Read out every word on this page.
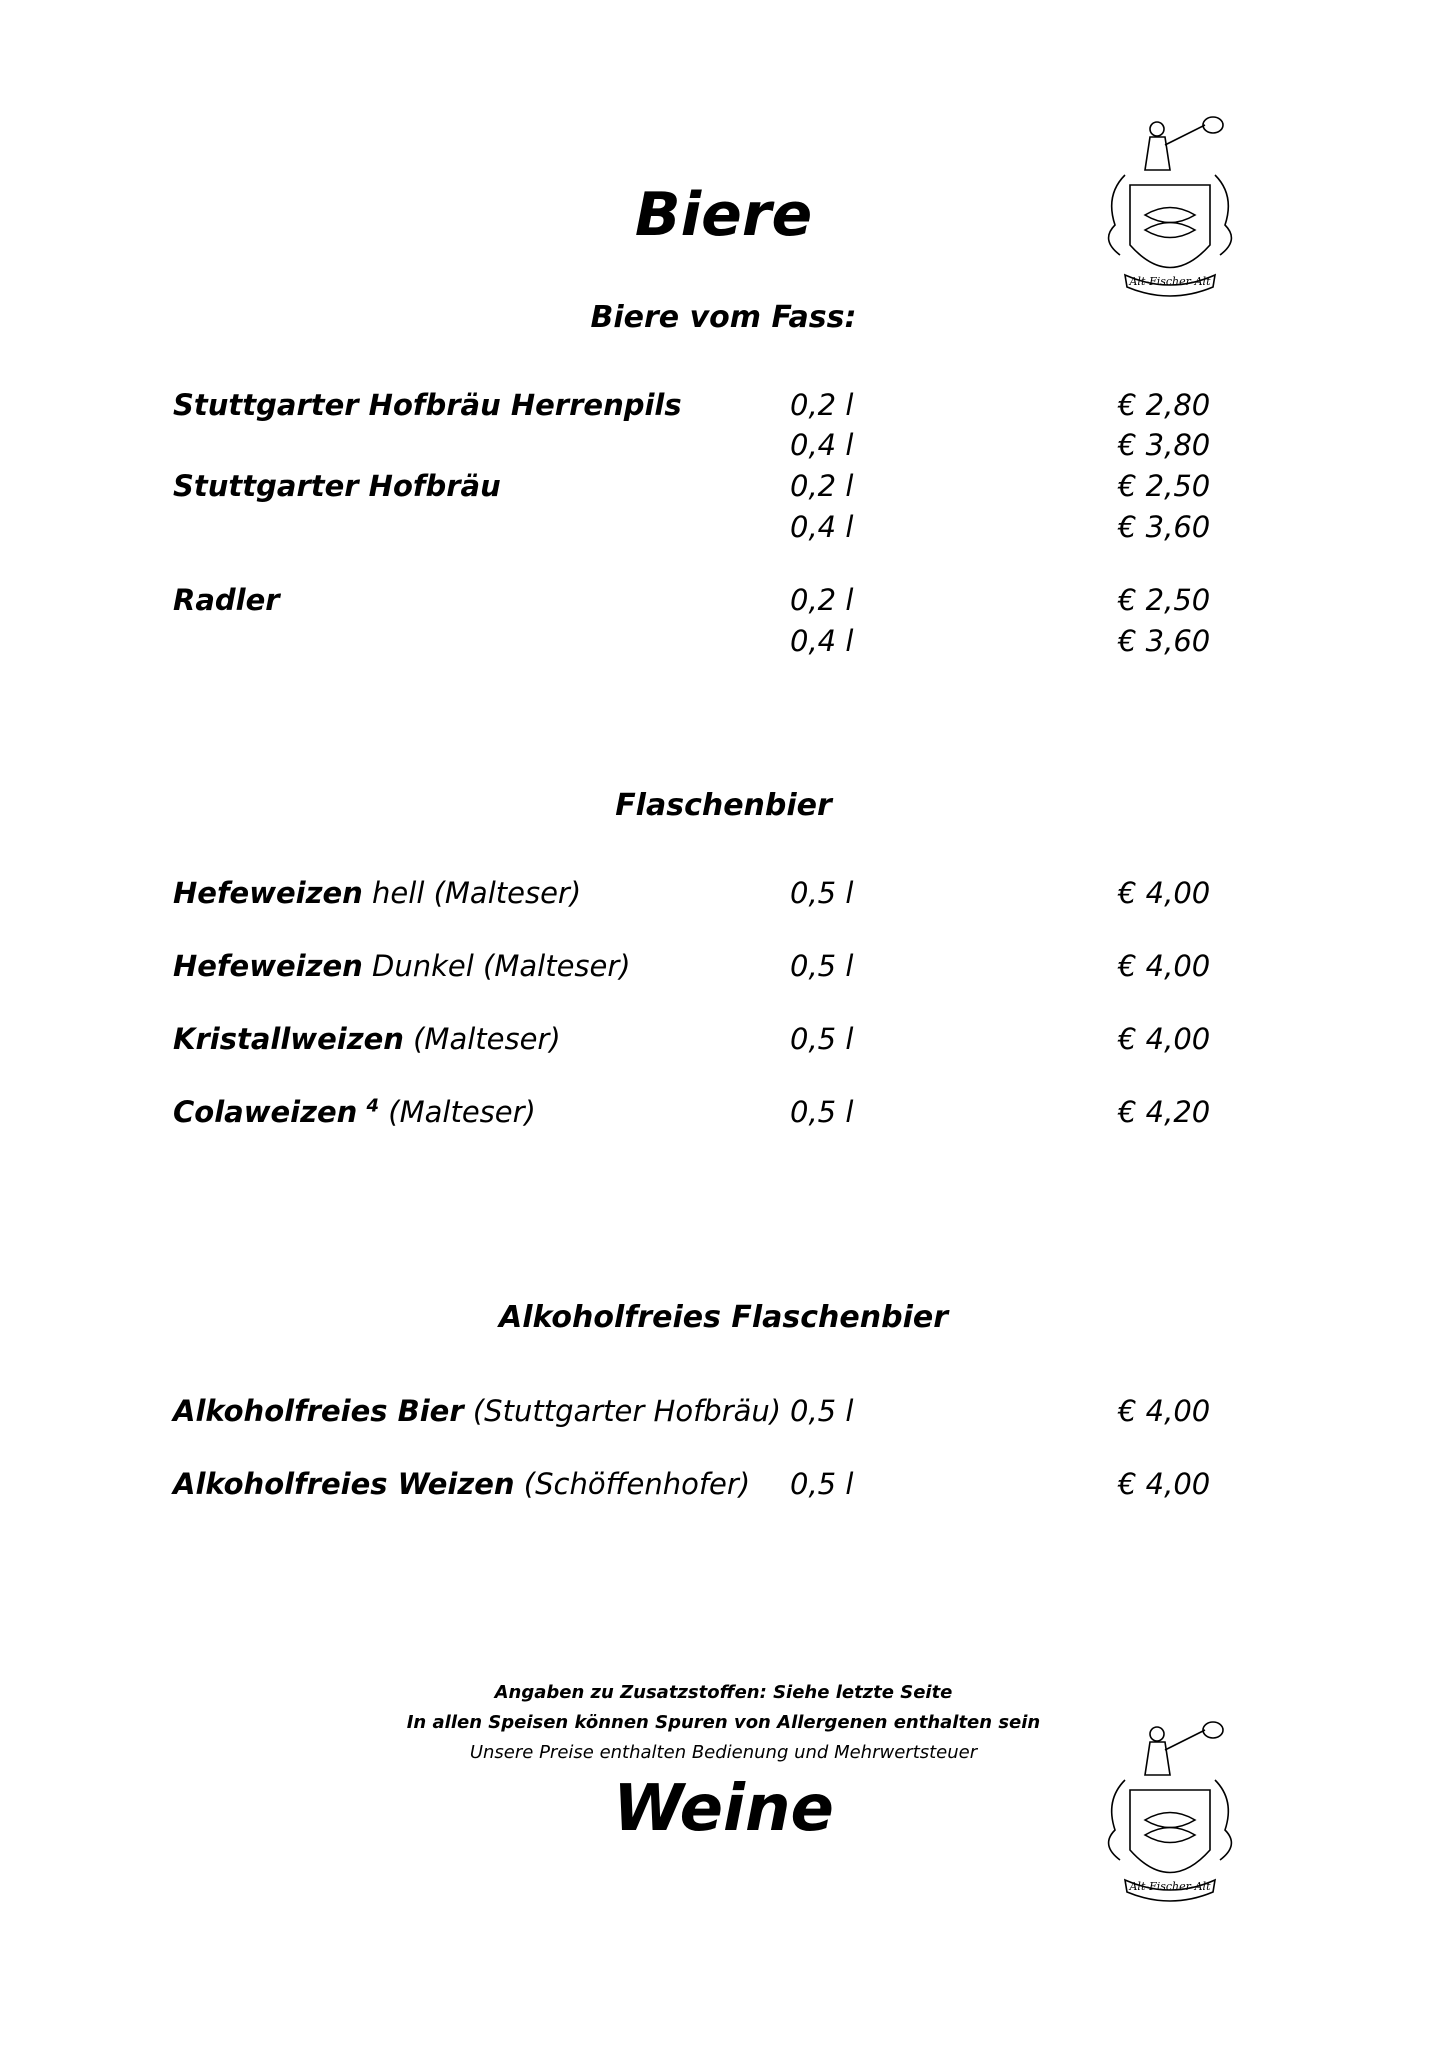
Alt-Fischer-Alt
Biere
Biere vom Fass:
Stuttgarter Hofbräu Herrenpils	0,2 l	€ 2,80
0,4 l	€ 3,80
Stuttgarter Hofbräu	0,2 l	€ 2,50
0,4 l	€ 3,60
Radler	0,2 l	€ 2,50
0,4 l	€ 3,60
Flaschenbier
Hefeweizen hell (Malteser)	0,5 l	€ 4,00
Hefeweizen Dunkel (Malteser)	0,5 l	€ 4,00
Kristallweizen (Malteser)	0,5 l	€ 4,00
Colaweizen $^4$ (Malteser)	0,5 l	€ 4,20
Alkoholfreies Flaschenbier
Alkoholfreies Bier (Stuttgarter Hofbräu) 0,5 l	€ 4,00
Alkoholfreies Weizen (Schöffenhofer) 0,5 l	€ 4,00
Angaben zu Zusatzstoffen: Siehe letzte Seite
In allen Speisen können Spuren von Allergenen enthalten sein
Unsere Preise enthalten Bedienung und Mehrwertsteuer
Weine
Alt-Fischer-Alt
